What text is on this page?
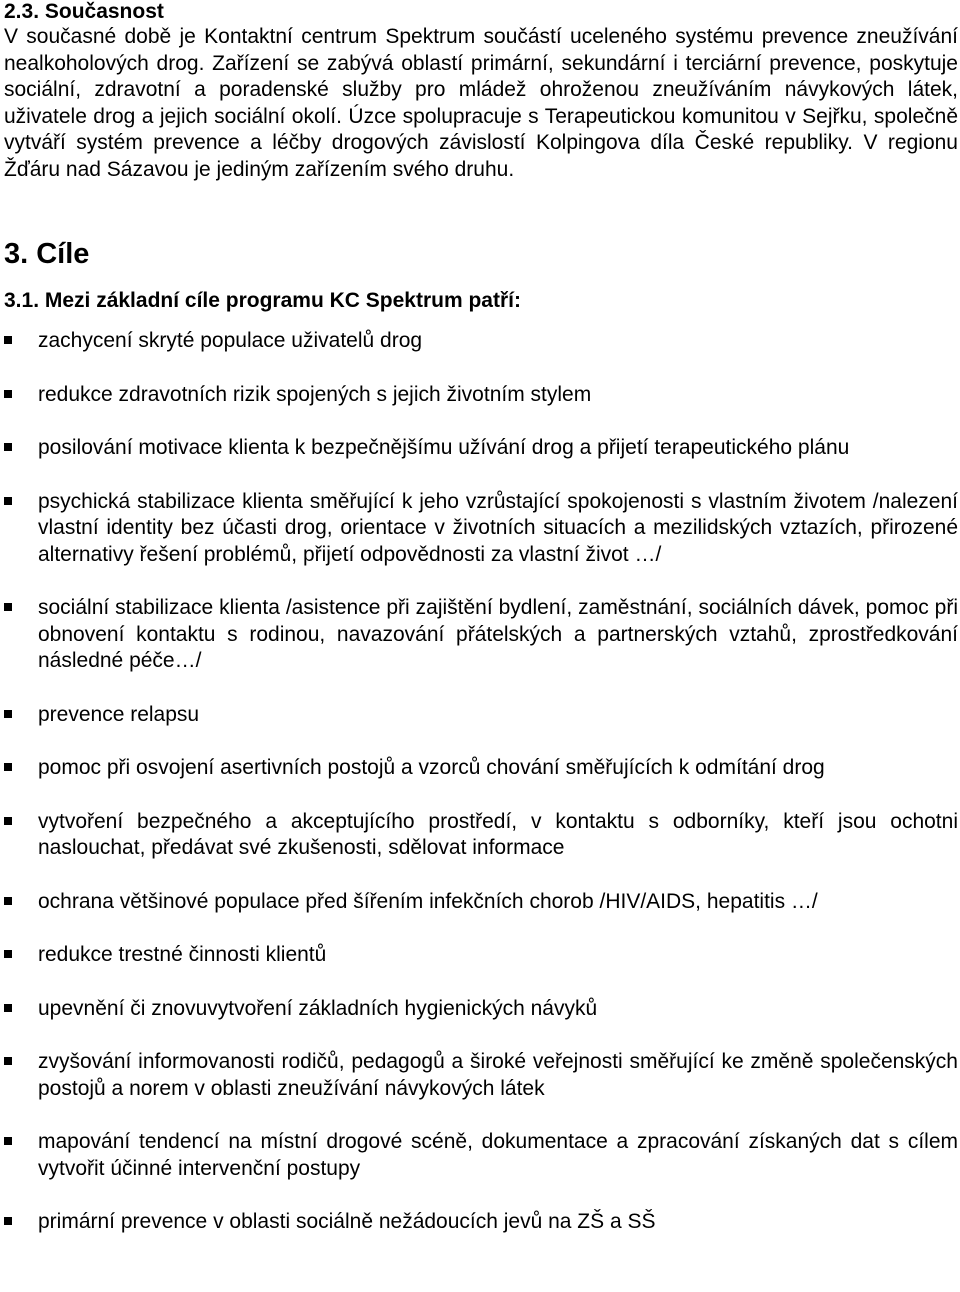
2.3. Současnost

V současné době je Kontaktní centrum Spektrum součástí uceleného systému prevence zneužívání nealkoholových drog. Zařízení se zabývá oblastí primární, sekundární i terciární prevence, poskytuje sociální, zdravotní a poradenské služby pro mládež ohroženou zneužíváním návykových látek, uživatele drog a jejich sociální okolí. Úzce spolupracuje s Terapeutickou komunitou v Sejřku, společně vytváří systém prevence a léčby drogových závislostí Kolpingova díla České republiky. V regionu Žďáru nad Sázavou je jediným zařízením svého druhu.

3. Cíle
3.1. Mezi základní cíle programu KC Spektrum patří:
zachycení skryté populace uživatelů drog
redukce zdravotních rizik spojených s jejich životním stylem
posilování motivace klienta k bezpečnějšímu užívání drog a přijetí terapeutického plánu
psychická stabilizace klienta směřující k jeho vzrůstající spokojenosti s vlastním životem /nalezení vlastní identity bez účasti drog, orientace v životních situacích a mezilidských vztazích, přirozené alternativy řešení problémů, přijetí odpovědnosti za vlastní život …/
sociální stabilizace klienta /asistence při zajištění bydlení, zaměstnání, sociálních dávek, pomoc při obnovení kontaktu s rodinou, navazování přátelských a partnerských vztahů, zprostředkování následné péče…/
prevence relapsu
pomoc při osvojení asertivních postojů a vzorců chování směřujících k odmítání drog
vytvoření bezpečného a akceptujícího prostředí, v kontaktu s odborníky, kteří jsou ochotni naslouchat, předávat své zkušenosti, sdělovat informace
ochrana většinové populace před šířením infekčních chorob /HIV/AIDS, hepatitis …/
redukce trestné činnosti klientů
upevnění či znovuvytvoření základních hygienických návyků
zvyšování informovanosti rodičů, pedagogů a široké veřejnosti směřující ke změně společenských postojů a norem v oblasti zneužívání návykových látek
mapování tendencí na místní drogové scéně, dokumentace a zpracování získaných dat s cílem vytvořit účinné intervenční postupy
primární prevence v oblasti sociálně nežádoucích jevů na ZŠ a SŠ
